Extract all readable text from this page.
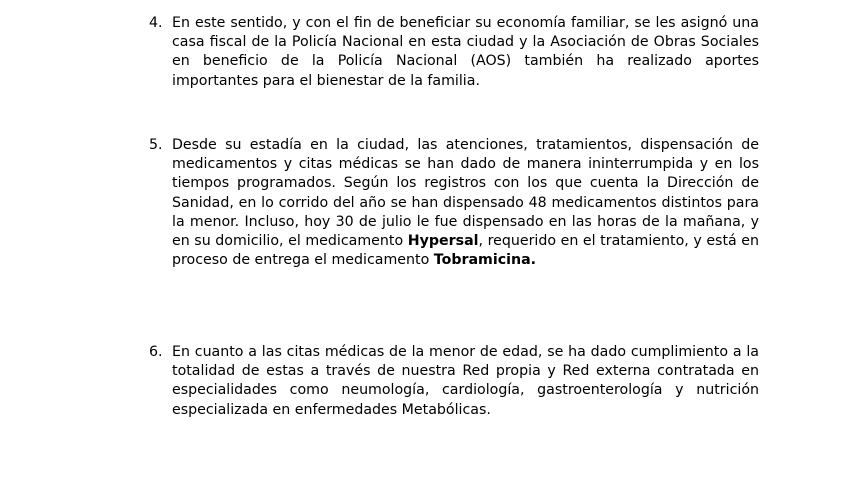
4. En este sentido, y con el fin de beneficiar su economía familiar, se les asignó una casa fiscal de la Policía Nacional en esta ciudad y la Asociación de Obras Sociales en beneficio de la Policía Nacional (AOS) también ha realizado aportes importantes para el bienestar de la familia.
5. Desde su estadía en la ciudad, las atenciones, tratamientos, dispensación de medicamentos y citas médicas se han dado de manera ininterrumpida y en los tiempos programados. Según los registros con los que cuenta la Dirección de Sanidad, en lo corrido del año se han dispensado 48 medicamentos distintos para la menor. Incluso, hoy 30 de julio le fue dispensado en las horas de la mañana, y en su domicilio, el medicamento Hypersal, requerido en el tratamiento, y está en proceso de entrega el medicamento Tobramicina.
6. En cuanto a las citas médicas de la menor de edad, se ha dado cumplimiento a la totalidad de estas a través de nuestra Red propia y Red externa contratada en especialidades como neumología, cardiología, gastroenterología y nutrición especializada en enfermedades Metabólicas.
